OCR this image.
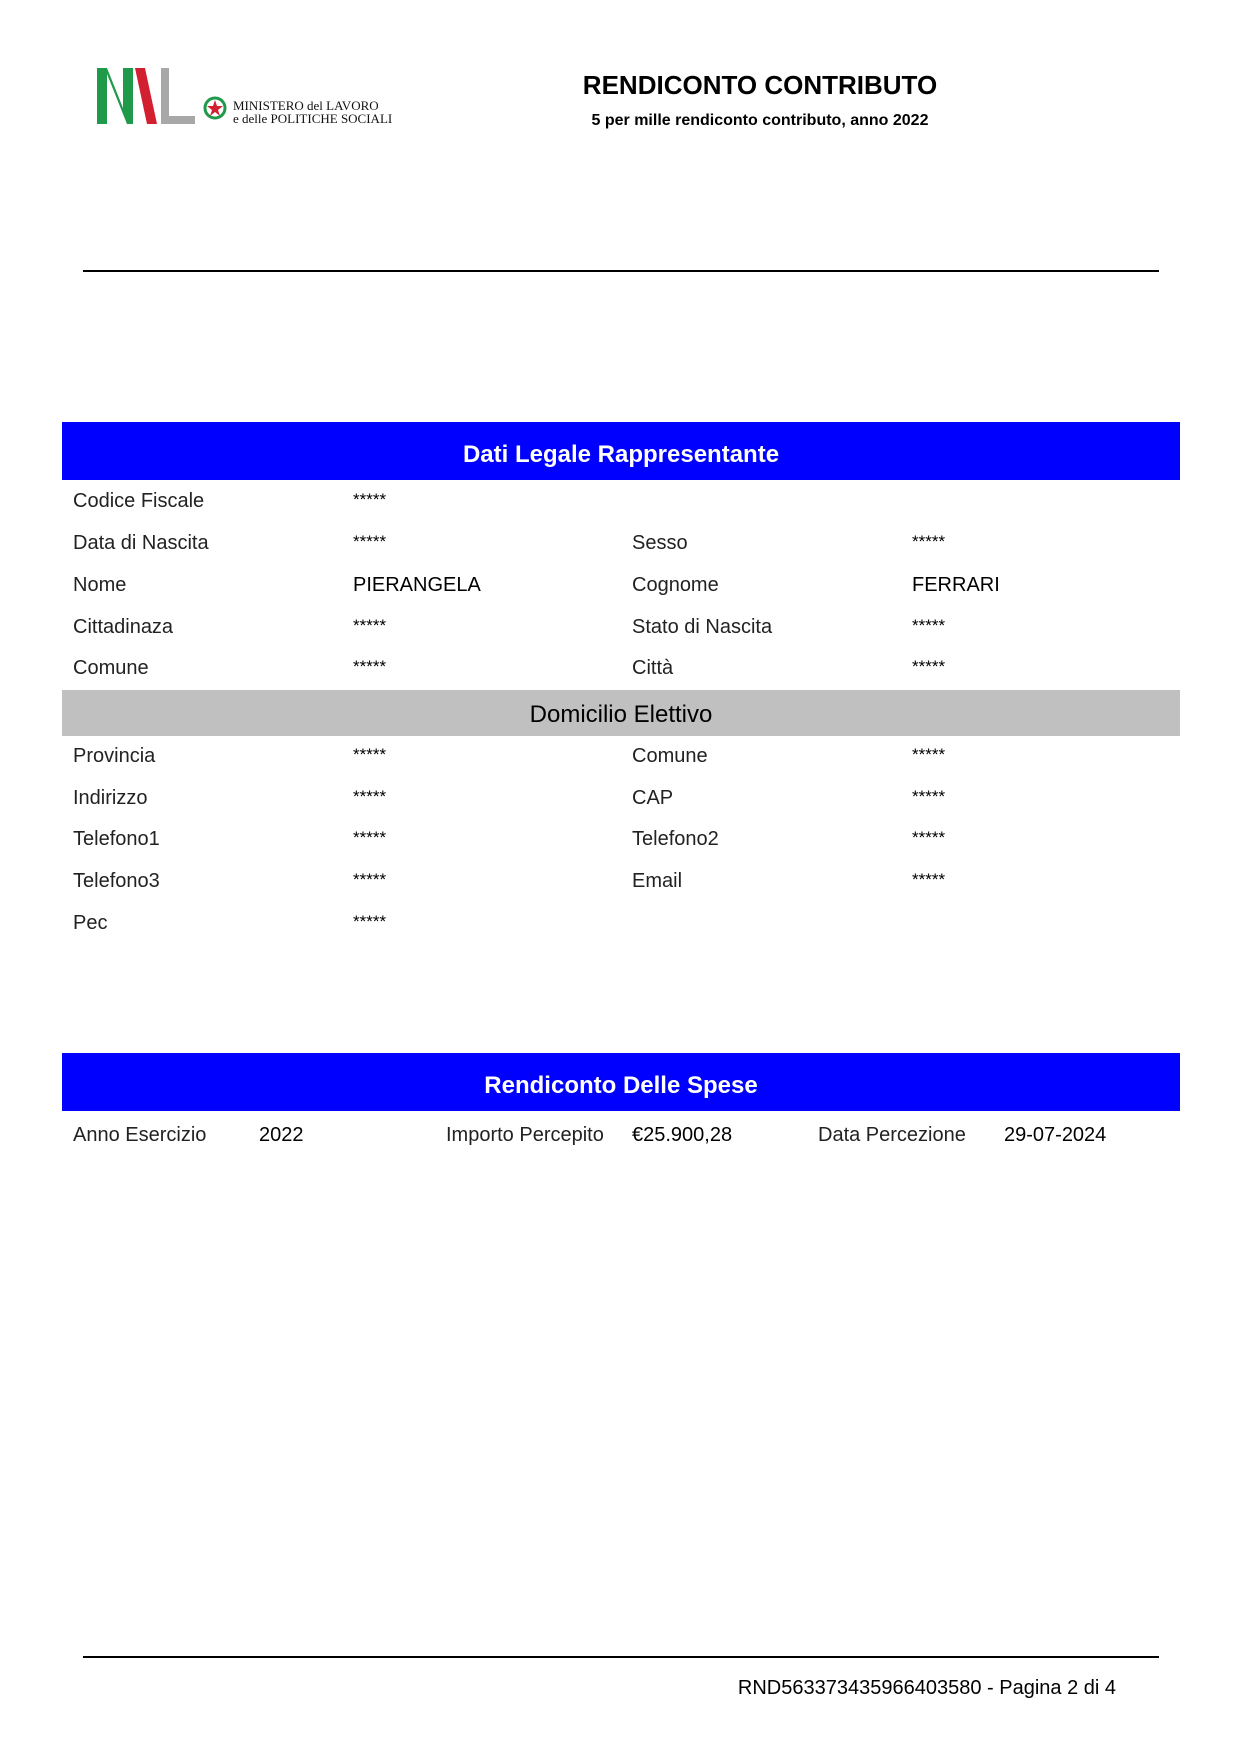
MINISTERO del LAVORO
e delle POLITICHE SOCIALI
RENDICONTO CONTRIBUTO
5 per mille rendiconto contributo, anno 2022
Dati Legale Rappresentante
Codice Fiscale	*****
Data di Nascita	*****	Sesso	*****
Nome	PIERANGELA	Cognome	FERRARI
Cittadinaza	*****	Stato di Nascita	*****
Comune	*****	Città	*****
Domicilio Elettivo
Provincia	*****	Comune	*****
Indirizzo	*****	CAP	*****
Telefono1	*****	Telefono2	*****
Telefono3	*****	Email	*****
Pec	*****
Rendiconto Delle Spese
Anno Esercizio	2022	Importo Percepito €25.900,28	Data Percezione 29-07-2024
RND563373435966403580 - Pagina 2 di 4
